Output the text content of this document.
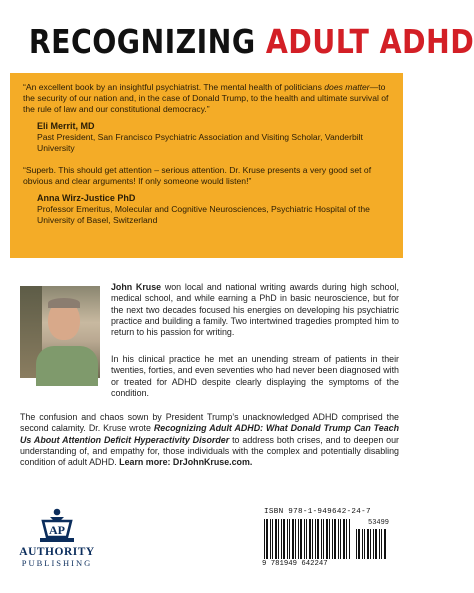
RECOGNIZING ADULT ADHD

“An excellent book by an insightful psychiatrist. The mental health of politicians does matter—to the security of our nation and, in the case of Donald Trump, to the health and ultimate survival of the rule of law and our constitutional democracy.”

Eli Merrit, MD
Past President, San Francisco Psychiatric Association and Visiting Scholar, Vanderbilt University

“Superb. This should get attention – serious attention. Dr. Kruse presents a very good set of obvious and clear arguments! If only someone would listen!”

Anna Wirz-Justice PhD
Professor Emeritus, Molecular and Cognitive Neurosciences, Psychiatric Hospital of the University of Basel, Switzerland
John Kruse won local and national writing awards during high school, medical school, and while earning a PhD in basic neuroscience, but for the next two decades focused his energies on developing his psychiatric practice and building a family. Two intertwined tragedies prompted him to return to his passion for writing.
In his clinical practice he met an unending stream of patients in their twenties, forties, and even seventies who had never been diagnosed with or treated for ADHD despite clearly displaying the symptoms of the condition.
The confusion and chaos sown by President Trump’s unacknowledged ADHD comprised the second calamity. Dr. Kruse wrote Recognizing Adult ADHD: What Donald Trump Can Teach Us About Attention Deficit Hyperactivity Disorder to address both crises, and to deepen our understanding of, and empathy for, those individuals with the complex and potentially disabling condition of adult ADHD. Learn more: DrJohnKruse.com.
AP
AUTHORITY
PUBLISHING
ISBN 978-1-949642-24-7
53499
9 781949 642247
